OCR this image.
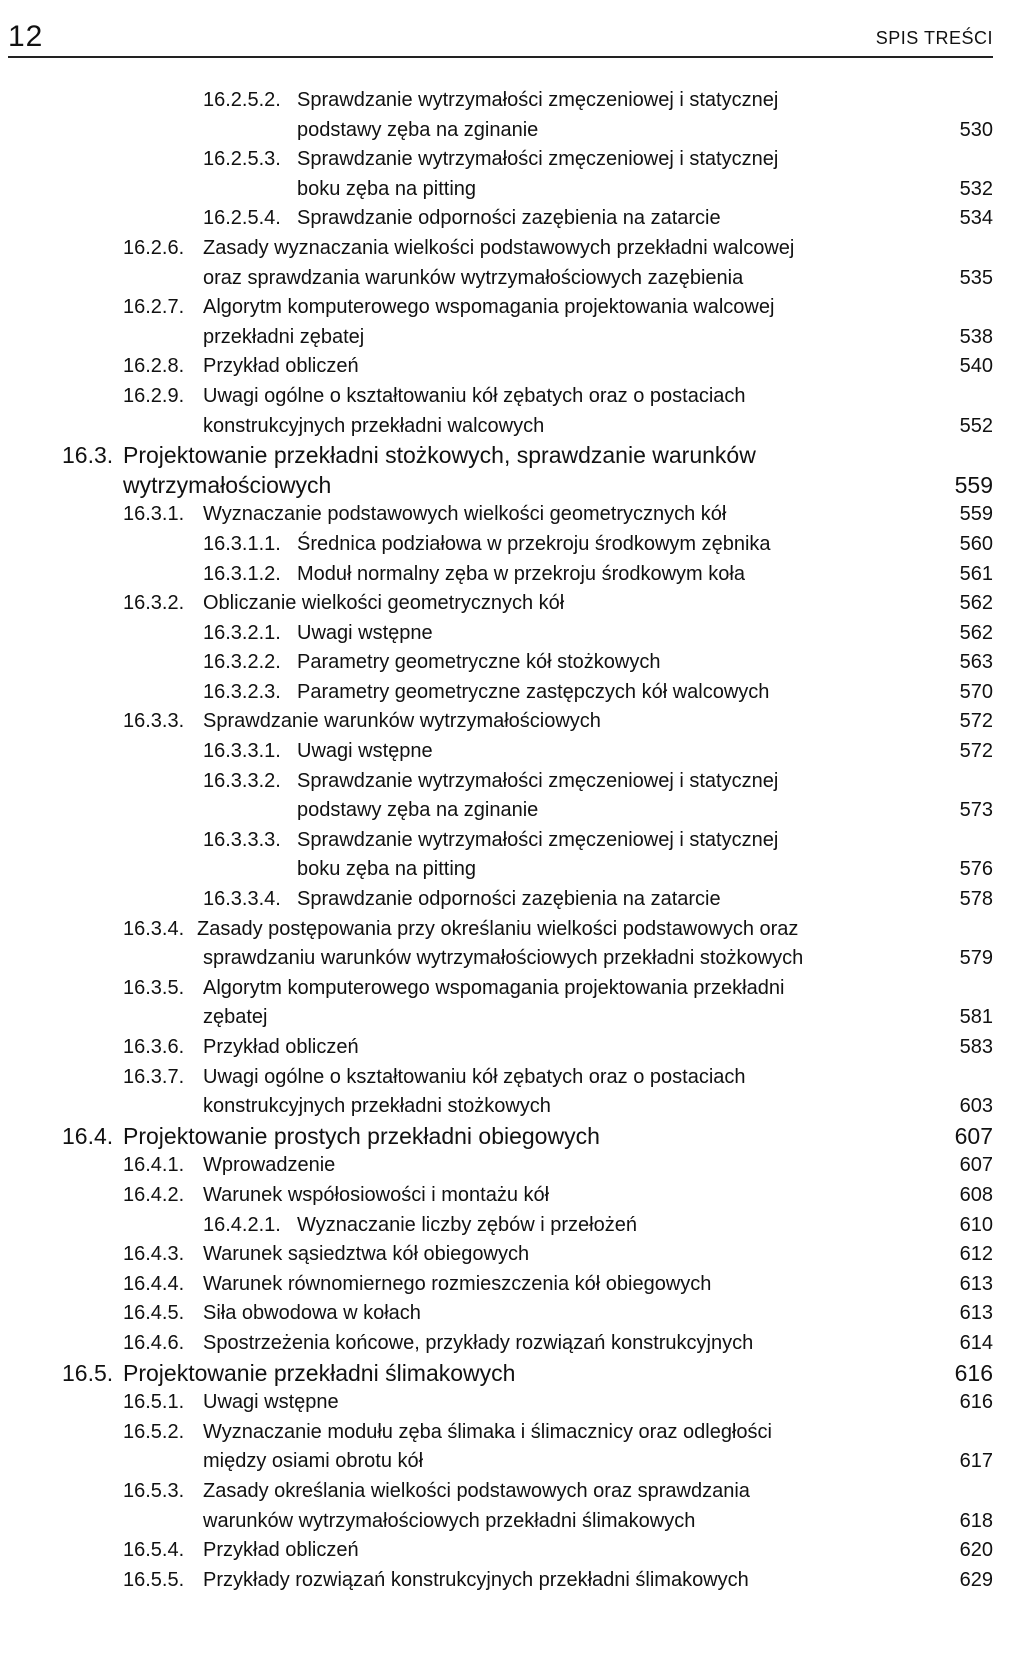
12	SPIS TREŚCI
16.2.5.2. Sprawdzanie wytrzymałości zmęczeniowej i statycznej
podstawy zęba na zginanie	530
16.2.5.3. Sprawdzanie wytrzymałości zmęczeniowej i statycznej
boku zęba na pitting	532
16.2.5.4. Sprawdzanie odporności zazębienia na zatarcie	534
16.2.6. Zasady wyznaczania wielkości podstawowych przekładni walcowej
oraz sprawdzania warunków wytrzymałościowych zazębienia	535
16.2.7. Algorytm komputerowego wspomagania projektowania walcowej
przekładni zębatej	538
16.2.8. Przykład obliczeń	540
16.2.9. Uwagi ogólne o kształtowaniu kół zębatych oraz o postaciach
konstrukcyjnych przekładni walcowych	552
16.3. Projektowanie przekładni stożkowych, sprawdzanie warunków
wytrzymałościowych	559
16.3.1. Wyznaczanie podstawowych wielkości geometrycznych kół	559
16.3.1.1. Średnica podziałowa w przekroju środkowym zębnika	560
16.3.1.2. Moduł normalny zęba w przekroju środkowym koła	561
16.3.2. Obliczanie wielkości geometrycznych kół	562
16.3.2.1. Uwagi wstępne	562
16.3.2.2. Parametry geometryczne kół stożkowych	563
16.3.2.3. Parametry geometryczne zastępczych kół walcowych	570
16.3.3. Sprawdzanie warunków wytrzymałościowych	572
16.3.3.1. Uwagi wstępne	572
16.3.3.2. Sprawdzanie wytrzymałości zmęczeniowej i statycznej
podstawy zęba na zginanie	573
16.3.3.3. Sprawdzanie wytrzymałości zmęczeniowej i statycznej
boku zęba na pitting	576
16.3.3.4. Sprawdzanie odporności zazębienia na zatarcie	578
16.3.4. Zasady postępowania przy określaniu wielkości podstawowych oraz
sprawdzaniu warunków wytrzymałościowych przekładni stożkowych	579
16.3.5. Algorytm komputerowego wspomagania projektowania przekładni
zębatej	581
16.3.6. Przykład obliczeń	583
16.3.7. Uwagi ogólne o kształtowaniu kół zębatych oraz o postaciach
konstrukcyjnych przekładni stożkowych	603
16.4. Projektowanie prostych przekładni obiegowych	607
16.4.1. Wprowadzenie	607
16.4.2. Warunek współosiowości i montażu kół	608
16.4.2.1. Wyznaczanie liczby zębów i przełożeń	610
16.4.3. Warunek sąsiedztwa kół obiegowych	612
16.4.4. Warunek równomiernego rozmieszczenia kół obiegowych	613
16.4.5. Siła obwodowa w kołach	613
16.4.6. Spostrzeżenia końcowe, przykłady rozwiązań konstrukcyjnych	614
16.5. Projektowanie przekładni ślimakowych	616
16.5.1. Uwagi wstępne	616
16.5.2. Wyznaczanie modułu zęba ślimaka i ślimacznicy oraz odległości
między osiami obrotu kół	617
16.5.3. Zasady określania wielkości podstawowych oraz sprawdzania
warunków wytrzymałościowych przekładni ślimakowych	618
16.5.4. Przykład obliczeń	620
16.5.5. Przykłady rozwiązań konstrukcyjnych przekładni ślimakowych	629
